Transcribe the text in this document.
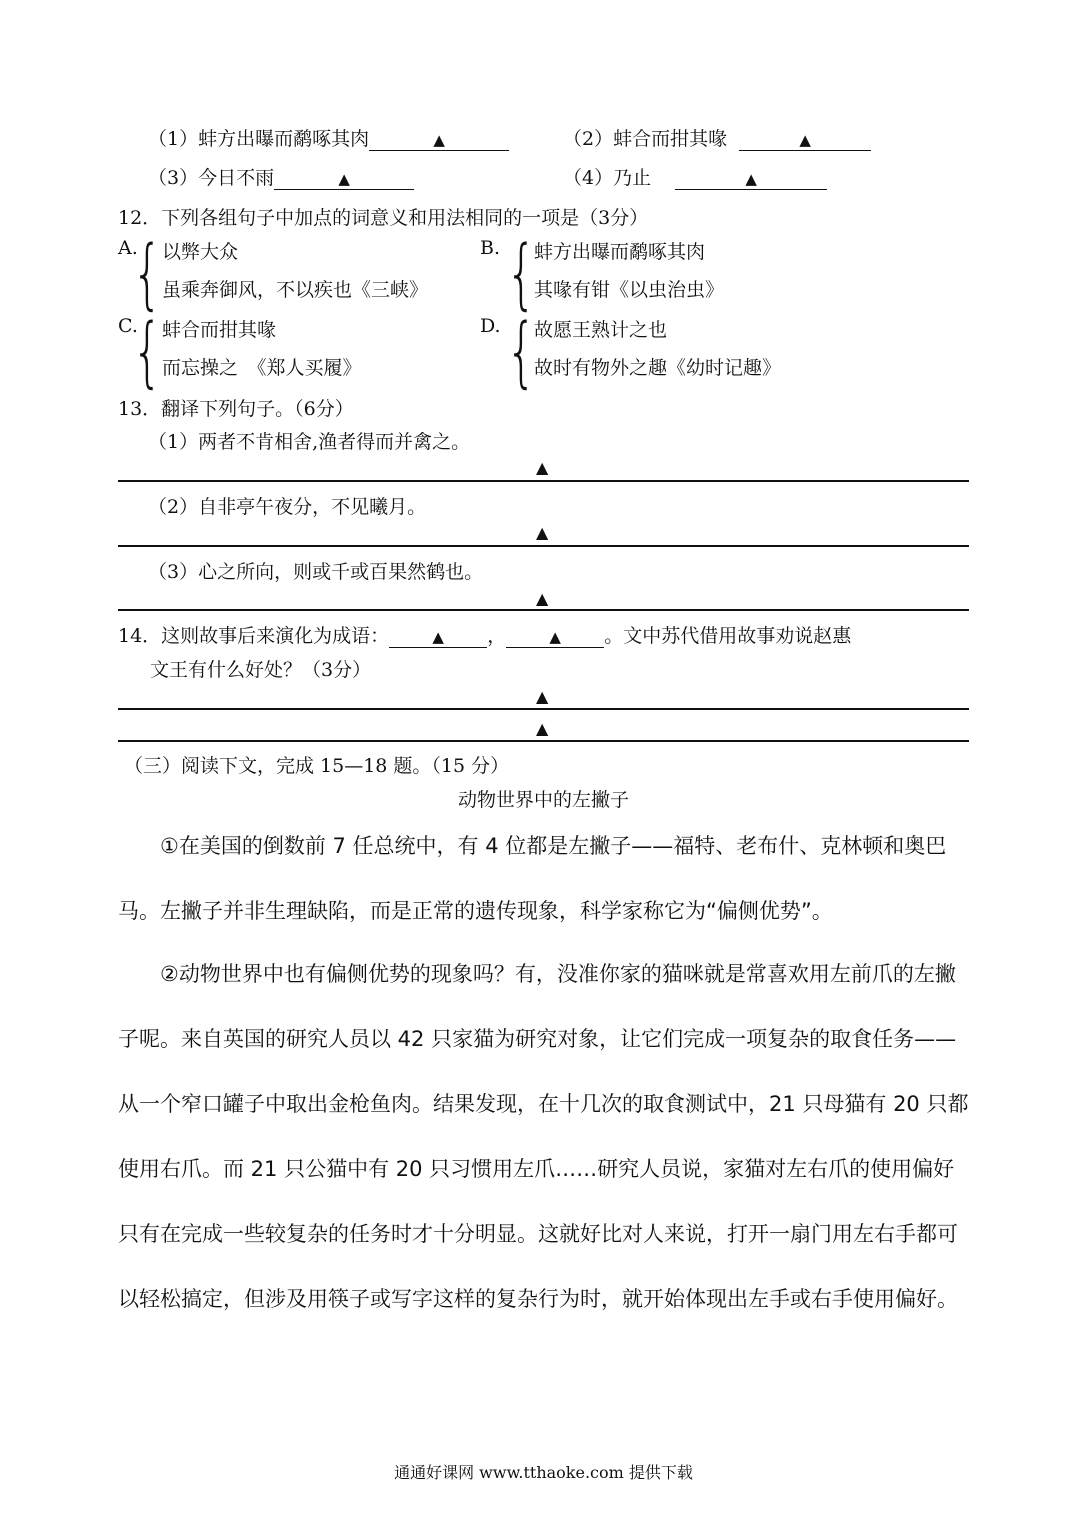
（1）蚌方出曝而鹬啄其肉	▲	（2）蚌合而拑其喙	▲
（3）今日不雨	▲	（4）乃止	▲
12．下列各组句子中加点的词意义和用法相同的一项是（3分）
A.
{ 以弊大众
虽乘奔御风，不以疾也《三峡》
B. {
蚌方出曝而鹬啄其肉
其喙有钳《以虫治虫》
C.
{ 蚌合而拑其喙
而忘操之　《郑人买履》
D. {
故愿王熟计之也
故时有物外之趣《幼时记趣》
13．翻译下列句子。（6分）
（1）两者不肯相舍,渔者得而并禽之。
▲
（2）自非亭午夜分，不见曦月。
▲
（3）心之所向，则或千或百果然鹤也。
▲
14．这则故事后来演化为成语：	▲ ，	▲ 。文中苏代借用故事劝说赵惠
文王有什么好处？（3分）
▲
▲
（三）阅读下文，完成 15—18 题。（15 分）
动物世界中的左撇子
①在美国的倒数前 7 任总统中，有 4 位都是左撇子——福特、老布什、克林顿和奥巴马。左撇子并非生理缺陷，而是正常的遗传现象，科学家称它为“偏侧优势”。
②动物世界中也有偏侧优势的现象吗？有，没准你家的猫咪就是常喜欢用左前爪的左撇子呢。来自英国的研究人员以 42 只家猫为研究对象，让它们完成一项复杂的取食任务——从一个窄口罐子中取出金枪鱼肉。结果发现，在十几次的取食测试中，21 只母猫有 20 只都使用右爪。而 21 只公猫中有 20 只习惯用左爪……研究人员说，家猫对左右爪的使用偏好只有在完成一些较复杂的任务时才十分明显。这就好比对人来说，打开一扇门用左右手都可以轻松搞定，但涉及用筷子或写字这样的复杂行为时，就开始体现出左手或右手使用偏好。
通通好课网 www.tthaoke.com 提供下载
